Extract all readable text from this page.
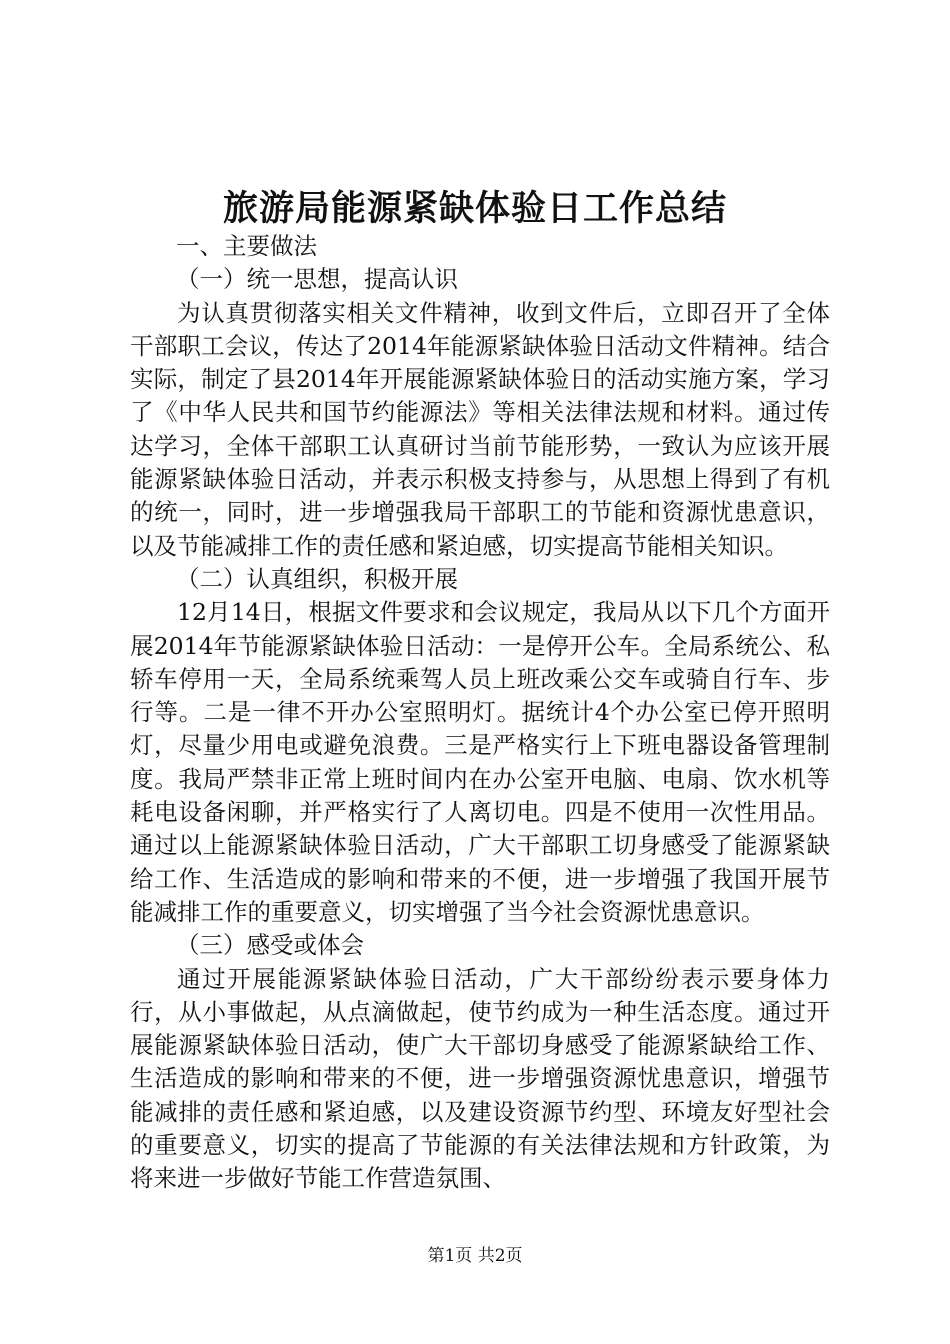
旅游局能源紧缺体验日工作总结

一、主要做法

（一）统一思想，提高认识

为认真贯彻落实相关文件精神，收到文件后，立即召开了全体干部职工会议，传达了2014年能源紧缺体验日活动文件精神。结合实际，制定了县2014年开展能源紧缺体验日的活动实施方案，学习了《中华人民共和国节约能源法》等相关法律法规和材料。通过传达学习，全体干部职工认真研讨当前节能形势，一致认为应该开展能源紧缺体验日活动，并表示积极支持参与，从思想上得到了有机的统一，同时，进一步增强我局干部职工的节能和资源忧患意识，以及节能减排工作的责任感和紧迫感，切实提高节能相关知识。

（二）认真组织，积极开展

12月14日，根据文件要求和会议规定，我局从以下几个方面开展2014年节能源紧缺体验日活动：一是停开公车。全局系统公、私轿车停用一天，全局系统乘驾人员上班改乘公交车或骑自行车、步行等。二是一律不开办公室照明灯。据统计4个办公室已停开照明灯，尽量少用电或避免浪费。三是严格实行上下班电器设备管理制度。我局严禁非正常上班时间内在办公室开电脑、电扇、饮水机等耗电设备闲聊，并严格实行了人离切电。四是不使用一次性用品。通过以上能源紧缺体验日活动，广大干部职工切身感受了能源紧缺给工作、生活造成的影响和带来的不便，进一步增强了我国开展节能减排工作的重要意义，切实增强了当今社会资源忧患意识。

（三）感受或体会

通过开展能源紧缺体验日活动，广大干部纷纷表示要身体力行，从小事做起，从点滴做起，使节约成为一种生活态度。通过开展能源紧缺体验日活动，使广大干部切身感受了能源紧缺给工作、生活造成的影响和带来的不便，进一步增强资源忧患意识，增强节能减排的责任感和紧迫感，以及建设资源节约型、环境友好型社会的重要意义，切实的提高了节能源的有关法律法规和方针政策，为将来进一步做好节能工作营造氛围、

第1页 共2页
